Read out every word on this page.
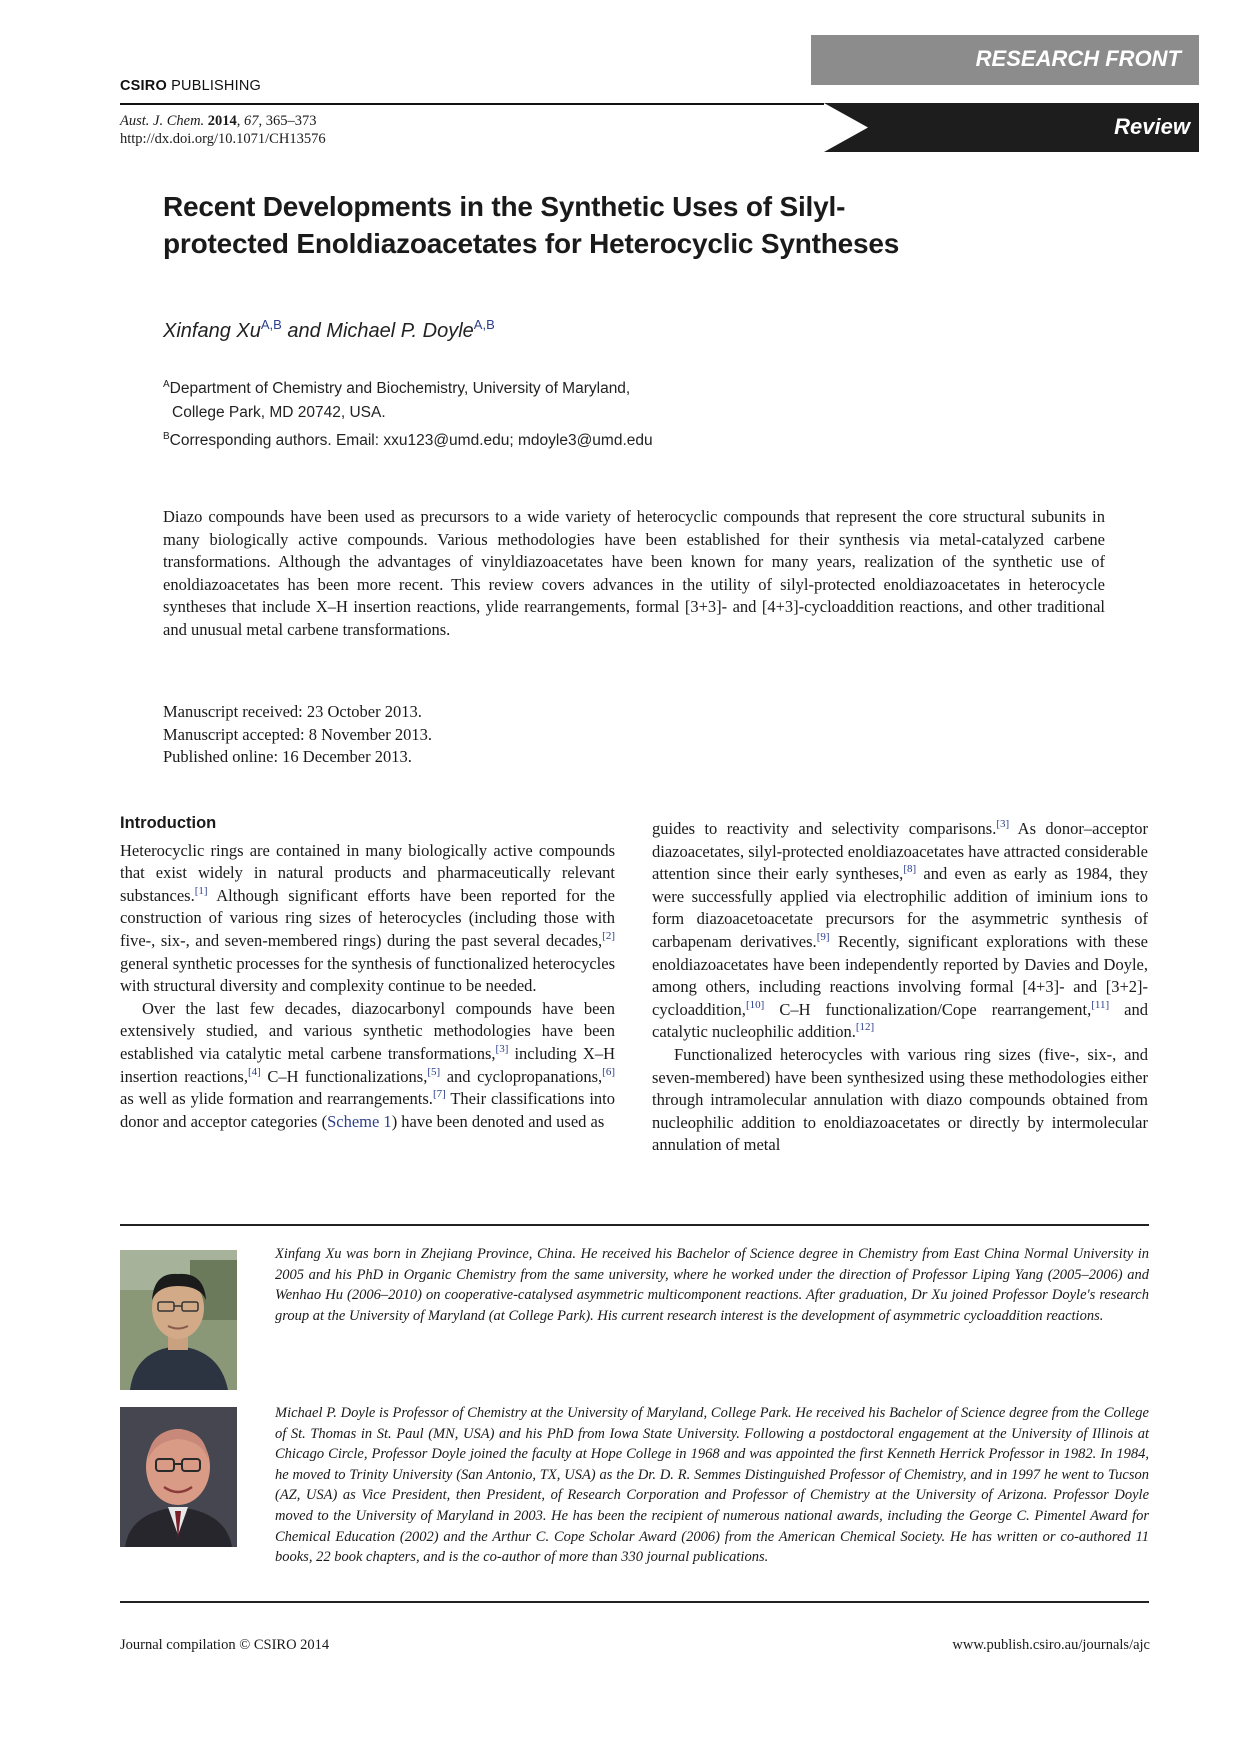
CSIRO PUBLISHING
RESEARCH FRONT
Review
Aust. J. Chem. 2014, 67, 365–373
http://dx.doi.org/10.1071/CH13576
Recent Developments in the Synthetic Uses of Silyl-
protected Enoldiazoacetates for Heterocyclic Syntheses
Xinfang $Xu^{A,B}$ and Michael P. Doyle$^{A,B}$
$^A$Department of Chemistry and Biochemistry, University of Maryland,
College Park, MD 20742, USA.
$^B$Corresponding authors. Email: xxu123@umd.edu; mdoyle3@umd.edu
Diazo compounds have been used as precursors to a wide variety of heterocyclic compounds that represent the core structural subunits in many biologically active compounds. Various methodologies have been established for their synthesis via metal-catalyzed carbene transformations. Although the advantages of vinyldiazoacetates have been known for many years, realization of the synthetic use of enoldiazoacetates has been more recent. This review covers advances in the utility of silyl-protected enoldiazoacetates in heterocycle syntheses that include X–H insertion reactions, ylide rearrangements, formal [3+3]- and [4+3]-cycloaddition reactions, and other traditional and unusual metal carbene transformations.
Manuscript received: 23 October 2013.
Manuscript accepted: 8 November 2013.
Published online: 16 December 2013.
Introduction

Heterocyclic rings are contained in many biologically active compounds that exist widely in natural products and pharmaceutically relevant substances.[1] Although significant efforts have been reported for the construction of various ring sizes of heterocycles (including those with five-, six-, and seven-membered rings) during the past several decades,[2] general synthetic processes for the synthesis of functionalized heterocycles with structural diversity and complexity continue to be needed.

Over the last few decades, diazocarbonyl compounds have been extensively studied, and various synthetic methodologies have been established via catalytic metal carbene transformations,[3] including X–H insertion reactions,[4] C–H functionalizations,[5] and cyclopropanations,[6] as well as ylide formation and rearrangements.[7] Their classifications into donor and acceptor categories (Scheme 1) have been denoted and used as

guides to reactivity and selectivity comparisons.[3] As donor–acceptor diazoacetates, silyl-protected enoldiazoacetates have attracted considerable attention since their early syntheses,[8] and even as early as 1984, they were successfully applied via electrophilic addition of iminium ions to form diazoacetoacetate precursors for the asymmetric synthesis of carbapenam derivatives.[9] Recently, significant explorations with these enoldiazoacetates have been independently reported by Davies and Doyle, among others, including reactions involving formal [4+3]- and [3+2]-cycloaddition,[10] C–H functionalization/Cope rearrangement,[11] and catalytic nucleophilic addition.[12]

Functionalized heterocycles with various ring sizes (five-, six-, and seven-membered) have been synthesized using these methodologies either through intramolecular annulation with diazo compounds obtained from nucleophilic addition to enoldiazoacetates or directly by intermolecular annulation of metal

Xinfang Xu was born in Zhejiang Province, China. He received his Bachelor of Science degree in Chemistry from East China Normal University in 2005 and his PhD in Organic Chemistry from the same university, where he worked under the direction of Professor Liping Yang (2005–2006) and Wenhao Hu (2006–2010) on cooperative-catalysed asymmetric multicomponent reactions. After graduation, Dr Xu joined Professor Doyle's research group at the University of Maryland (at College Park). His current research interest is the development of asymmetric cycloaddition reactions.
Michael P. Doyle is Professor of Chemistry at the University of Maryland, College Park. He received his Bachelor of Science degree from the College of St. Thomas in St. Paul (MN, USA) and his PhD from Iowa State University. Following a postdoctoral engagement at the University of Illinois at Chicago Circle, Professor Doyle joined the faculty at Hope College in 1968 and was appointed the first Kenneth Herrick Professor in 1982. In 1984, he moved to Trinity University (San Antonio, TX, USA) as the Dr. D. R. Semmes Distinguished Professor of Chemistry, and in 1997 he went to Tucson (AZ, USA) as Vice President, then President, of Research Corporation and Professor of Chemistry at the University of Arizona. Professor Doyle moved to the University of Maryland in 2003. He has been the recipient of numerous national awards, including the George C. Pimentel Award for Chemical Education (2002) and the Arthur C. Cope Scholar Award (2006) from the American Chemical Society. He has written or co-authored 11 books, 22 book chapters, and is the co-author of more than 330 journal publications.
Journal compilation © CSIRO 2014	www.publish.csiro.au/journals/ajc
